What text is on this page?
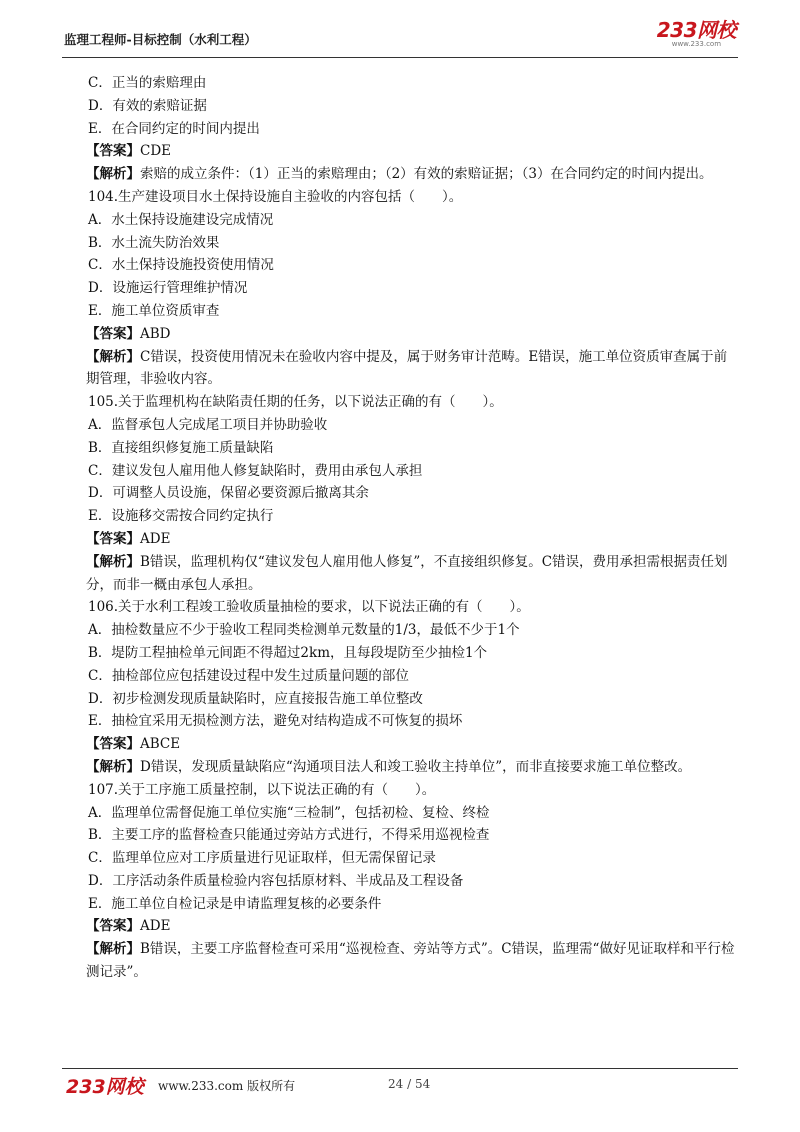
监理工程师-目标控制（水利工程）	233网校
www.233.com
C．正当的索赔理由
D．有效的索赔证据
E．在合同约定的时间内提出
【答案】CDE
【解析】索赔的成立条件：（1）正当的索赔理由；（2）有效的索赔证据；（3）在合同约定的时间内提出。
104.生产建设项目水土保持设施自主验收的内容包括（　　）。
A．水土保持设施建设完成情况
B．水土流失防治效果
C．水土保持设施投资使用情况
D．设施运行管理维护情况
E．施工单位资质审查
【答案】ABD
【解析】C错误，投资使用情况未在验收内容中提及，属于财务审计范畴。E错误，施工单位资质审查属于前期管理，非验收内容。
105.关于监理机构在缺陷责任期的任务，以下说法正确的有（　　）。
A．监督承包人完成尾工项目并协助验收
B．直接组织修复施工质量缺陷
C．建议发包人雇用他人修复缺陷时，费用由承包人承担
D．可调整人员设施，保留必要资源后撤离其余
E．设施移交需按合同约定执行
【答案】ADE
【解析】B错误，监理机构仅“建议发包人雇用他人修复”，不直接组织修复。C错误，费用承担需根据责任划分，而非一概由承包人承担。
106.关于水利工程竣工验收质量抽检的要求，以下说法正确的有（　　）。
A．抽检数量应不少于验收工程同类检测单元数量的1/3，最低不少于1个
B．堤防工程抽检单元间距不得超过2km，且每段堤防至少抽检1个
C．抽检部位应包括建设过程中发生过质量问题的部位
D．初步检测发现质量缺陷时，应直接报告施工单位整改
E．抽检宜采用无损检测方法，避免对结构造成不可恢复的损坏
【答案】ABCE
【解析】D错误，发现质量缺陷应“沟通项目法人和竣工验收主持单位”，而非直接要求施工单位整改。
107.关于工序施工质量控制，以下说法正确的有（　　）。
A．监理单位需督促施工单位实施“三检制”，包括初检、复检、终检
B．主要工序的监督检查只能通过旁站方式进行，不得采用巡视检查
C．监理单位应对工序质量进行见证取样，但无需保留记录
D．工序活动条件质量检验内容包括原材料、半成品及工程设备
E．施工单位自检记录是申请监理复核的必要条件
【答案】ADE
【解析】B错误，主要工序监督检查可采用“巡视检查、旁站等方式”。C错误，监理需“做好见证取样和平行检测记录”。
233网校 www.233.com 版权所有	24 / 54
